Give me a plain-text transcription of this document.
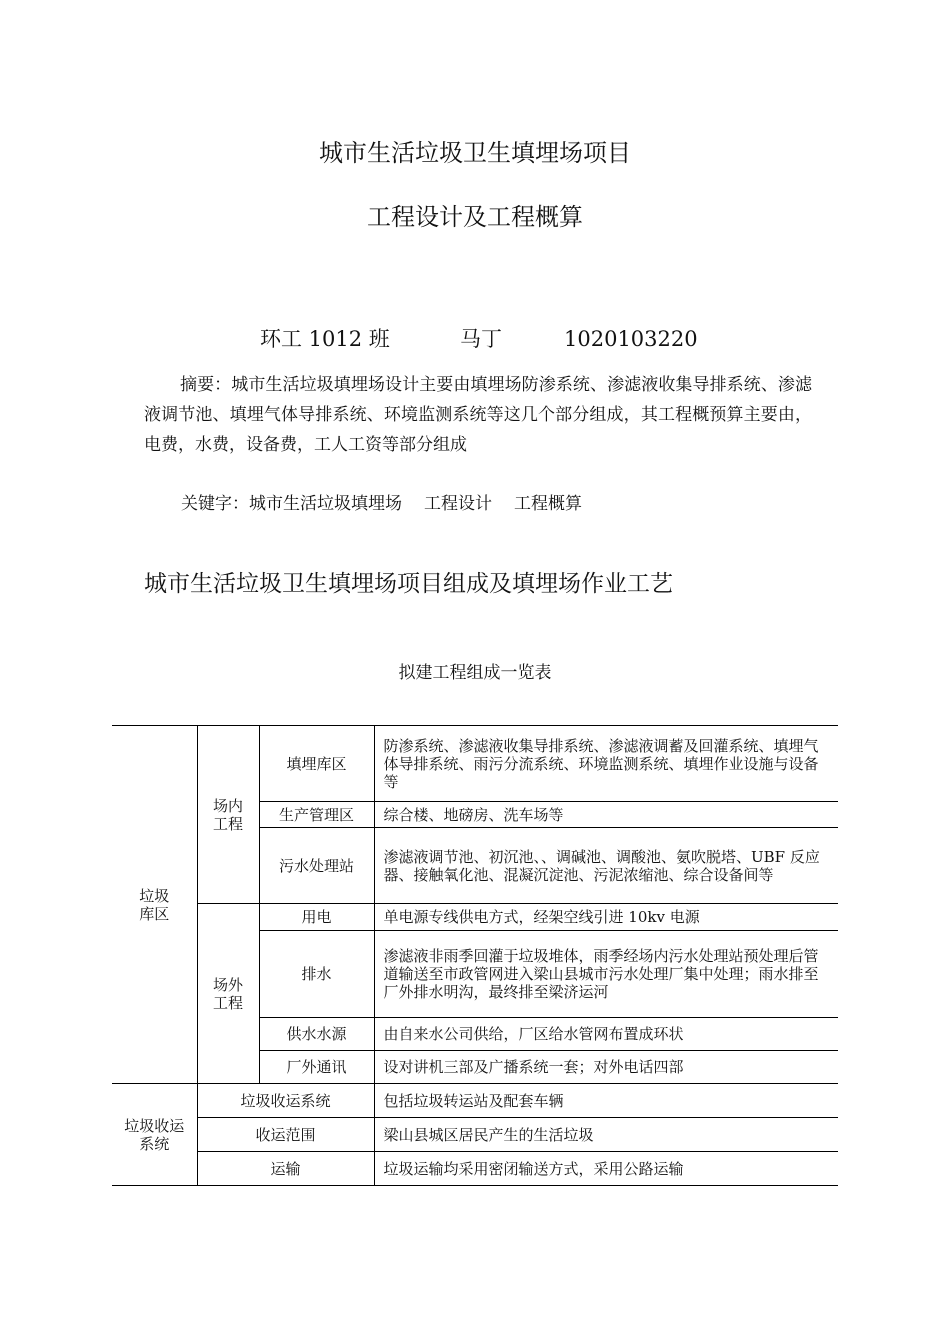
城市生活垃圾卫生填埋场项目
工程设计及工程概算
环工 1012 班	马丁	1020103220
摘要：城市生活垃圾填埋场设计主要由填埋场防渗系统、渗滤液收集导排系统、渗滤液调节池、填埋气体导排系统、环境监测系统等这几个部分组成，其工程概预算主要由，电费，水费，设备费，工人工资等部分组成
关键字：城市生活垃圾填埋场 工程设计 工程概算
城市生活垃圾卫生填埋场项目组成及填埋场作业工艺
拟建工程组成一览表
垃圾库区	场内工程	填埋库区	防渗系统、渗滤液收集导排系统、渗滤液调蓄及回灌系统、填埋气体导排系统、雨污分流系统、环境监测系统、填埋作业设施与设备等
		生产管理区	综合楼、地磅房、洗车场等
		污水处理站	渗滤液调节池、初沉池、、调碱池、调酸池、氨吹脱塔、UBF 反应器、接触氧化池、混凝沉淀池、污泥浓缩池、综合设备间等

	场外工程	用电	单电源专线供电方式，经架空线引进 10kv 电源
		排水	渗滤液非雨季回灌于垃圾堆体，雨季经场内污水处理站预处理后管道输送至市政管网进入梁山县城市污水处理厂集中处理；雨水排至厂外排水明沟，最终排至梁济运河
		供水水源	由自来水公司供给，厂区给水管网布置成环状
		厂外通讯	设对讲机三部及广播系统一套；对外电话四部

垃圾收运系统	垃圾收运系统		包括垃圾转运站及配套车辆
	收运范围		梁山县城区居民产生的生活垃圾
	运输		垃圾运输均采用密闭输送方式，采用公路运输
